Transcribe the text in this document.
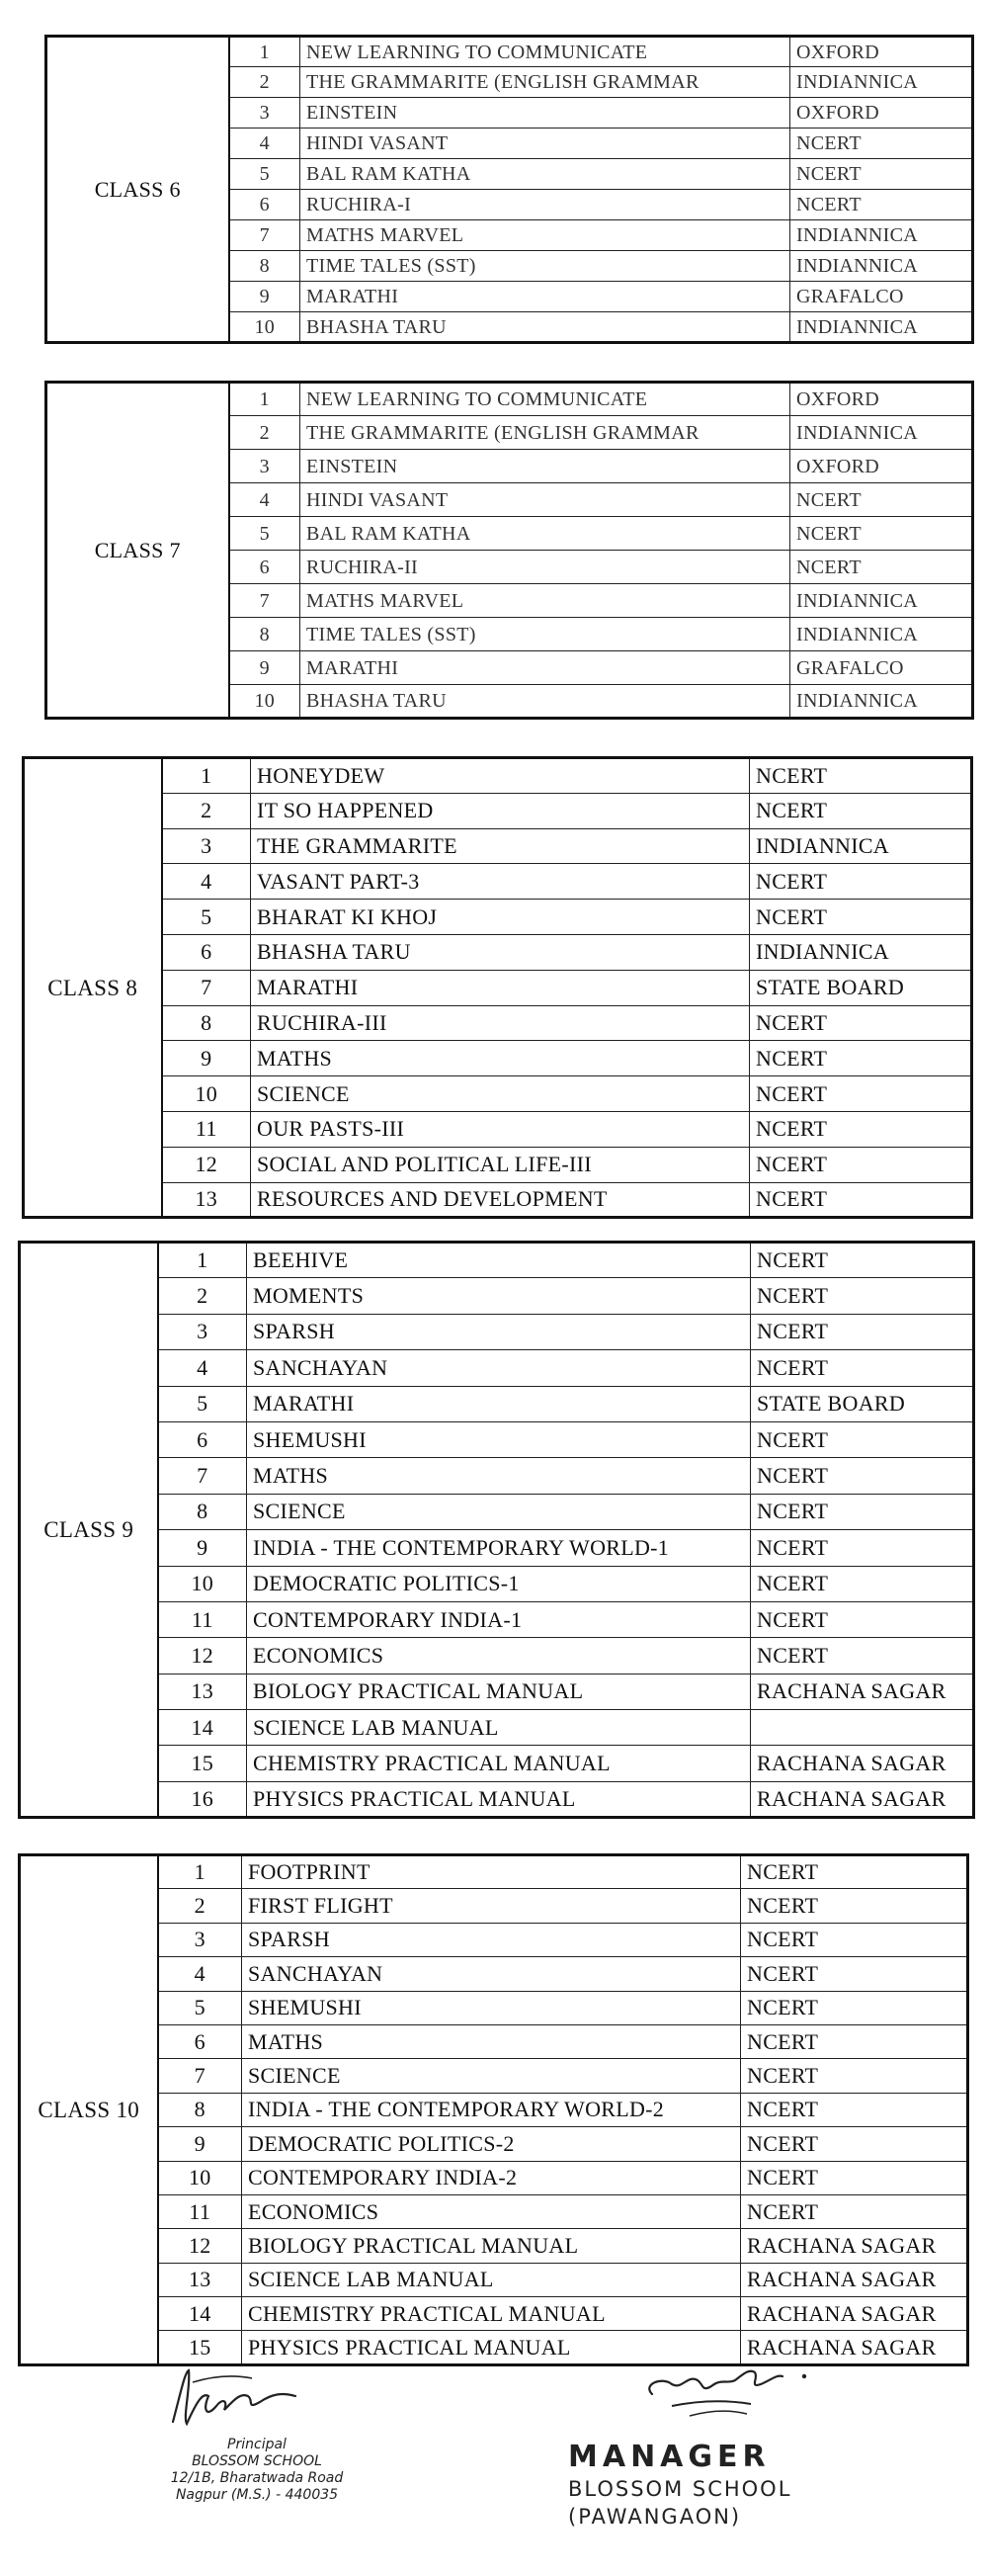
CLASS 6	1	NEW LEARNING TO COMMUNICATE	OXFORD
	2	THE GRAMMARITE (ENGLISH GRAMMAR	INDIANNICA
	3	EINSTEIN	OXFORD
	4	HINDI VASANT	NCERT
	5	BAL RAM KATHA	NCERT
	6	RUCHIRA-I	NCERT
	7	MATHS MARVEL	INDIANNICA
	8	TIME TALES (SST)	INDIANNICA
	9	MARATHI	GRAFALCO
	10	BHASHA TARU	INDIANNICA
CLASS 7	1	NEW LEARNING TO COMMUNICATE	OXFORD
	2	THE GRAMMARITE (ENGLISH GRAMMAR	INDIANNICA
	3	EINSTEIN	OXFORD
	4	HINDI VASANT	NCERT
	5	BAL RAM KATHA	NCERT
	6	RUCHIRA-II	NCERT
	7	MATHS MARVEL	INDIANNICA
	8	TIME TALES (SST)	INDIANNICA
	9	MARATHI	GRAFALCO
	10	BHASHA TARU	INDIANNICA
CLASS 8	1	HONEYDEW	NCERT
	2	IT SO HAPPENED	NCERT
	3	THE GRAMMARITE	INDIANNICA
	4	VASANT PART-3	NCERT
	5	BHARAT KI KHOJ	NCERT
	6	BHASHA TARU	INDIANNICA
	7	MARATHI	STATE BOARD
	8	RUCHIRA-III	NCERT
	9	MATHS	NCERT
	10	SCIENCE	NCERT
	11	OUR PASTS-III	NCERT
	12	SOCIAL AND POLITICAL LIFE-III	NCERT
	13	RESOURCES AND DEVELOPMENT	NCERT
CLASS 9	1	BEEHIVE	NCERT
	2	MOMENTS	NCERT
	3	SPARSH	NCERT
	4	SANCHAYAN	NCERT
	5	MARATHI	STATE BOARD
	6	SHEMUSHI	NCERT
	7	MATHS	NCERT
	8	SCIENCE	NCERT
	9	INDIA - THE CONTEMPORARY WORLD-1	NCERT
	10	DEMOCRATIC POLITICS-1	NCERT
	11	CONTEMPORARY INDIA-1	NCERT
	12	ECONOMICS	NCERT
	13	BIOLOGY PRACTICAL MANUAL	RACHANA SAGAR
	14	SCIENCE LAB MANUAL	
	15	CHEMISTRY PRACTICAL MANUAL	RACHANA SAGAR
	16	PHYSICS PRACTICAL MANUAL	RACHANA SAGAR
CLASS 10	1	FOOTPRINT	NCERT
	2	FIRST FLIGHT	NCERT
	3	SPARSH	NCERT
	4	SANCHAYAN	NCERT
	5	SHEMUSHI	NCERT
	6	MATHS	NCERT
	7	SCIENCE	NCERT
	8	INDIA - THE CONTEMPORARY WORLD-2	NCERT
	9	DEMOCRATIC POLITICS-2	NCERT
	10	CONTEMPORARY INDIA-2	NCERT
	11	ECONOMICS	NCERT
	12	BIOLOGY PRACTICAL MANUAL	RACHANA SAGAR
	13	SCIENCE LAB MANUAL	RACHANA SAGAR
	14	CHEMISTRY PRACTICAL MANUAL	RACHANA SAGAR
	15	PHYSICS PRACTICAL MANUAL	RACHANA SAGAR
Principal
BLOSSOM SCHOOL
12/1B, Bharatwada Road
Nagpur (M.S.) - 440035
MANAGER
BLOSSOM SCHOOL
(PAWANGAON)
